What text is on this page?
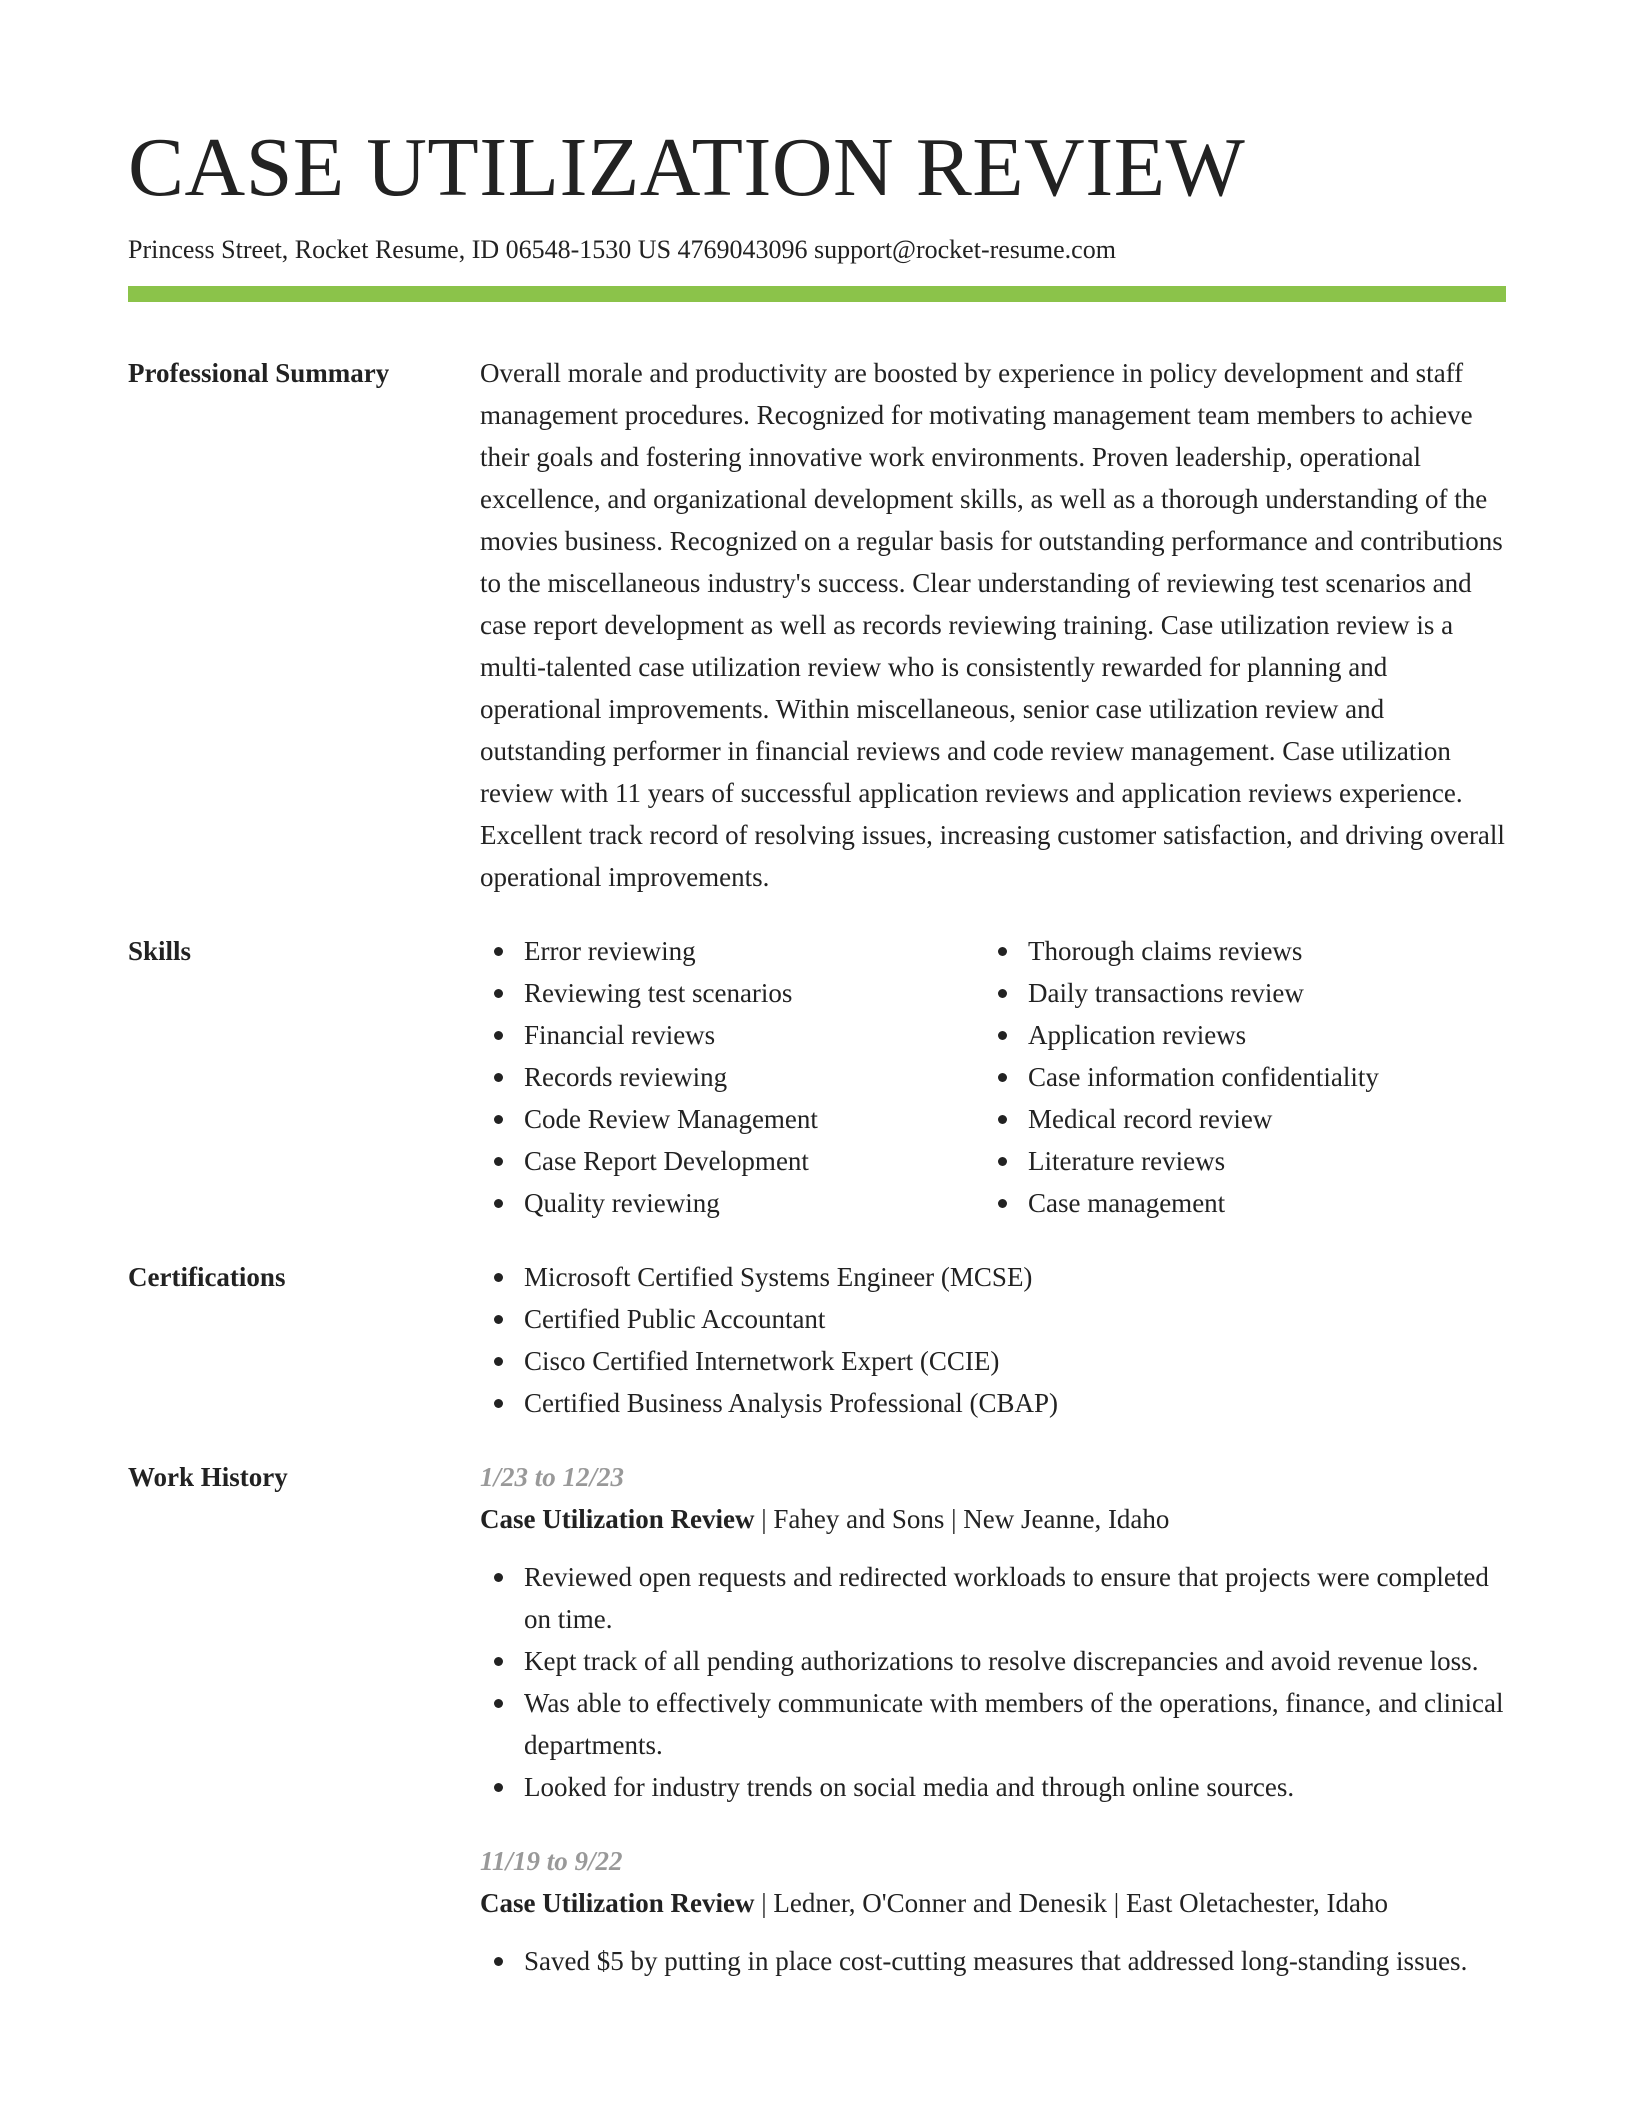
CASE UTILIZATION REVIEW
Princess Street, Rocket Resume, ID 06548-1530 US 4769043096 support@rocket-resume.com
Professional Summary	Overall morale and productivity are boosted by experience in policy development and staff management procedures. Recognized for motivating management team members to achieve their goals and fostering innovative work environments. Proven leadership, operational excellence, and organizational development skills, as well as a thorough understanding of the movies business. Recognized on a regular basis for outstanding performance and contributions to the miscellaneous industry's success. Clear understanding of reviewing test scenarios and case report development as well as records reviewing training. Case utilization review is a multi-talented case utilization review who is consistently rewarded for planning and operational improvements. Within miscellaneous, senior case utilization review and outstanding performer in financial reviews and code review management. Case utilization review with 11 years of successful application reviews and application reviews experience. Excellent track record of resolving issues, increasing customer satisfaction, and driving overall operational improvements.
Skills	Error reviewing
Reviewing test scenarios
Financial reviews
Records reviewing
Code Review Management
Case Report Development
Quality reviewing
Thorough claims reviews
Daily transactions review
Application reviews
Case information confidentiality
Medical record review
Literature reviews
Case management
Certifications	Microsoft Certified Systems Engineer (MCSE)
Certified Public Accountant
Cisco Certified Internetwork Expert (CCIE)
Certified Business Analysis Professional (CBAP)
Work History	1/23 to 12/23
Case Utilization Review | Fahey and Sons | New Jeanne, Idaho
Reviewed open requests and redirected workloads to ensure that projects were completed on time.
Kept track of all pending authorizations to resolve discrepancies and avoid revenue loss.
Was able to effectively communicate with members of the operations, finance, and clinical departments.
Looked for industry trends on social media and through online sources.
11/19 to 9/22
Case Utilization Review | Ledner, O'Conner and Denesik | East Oletachester, Idaho
Saved $5 by putting in place cost-cutting measures that addressed long-standing issues.
